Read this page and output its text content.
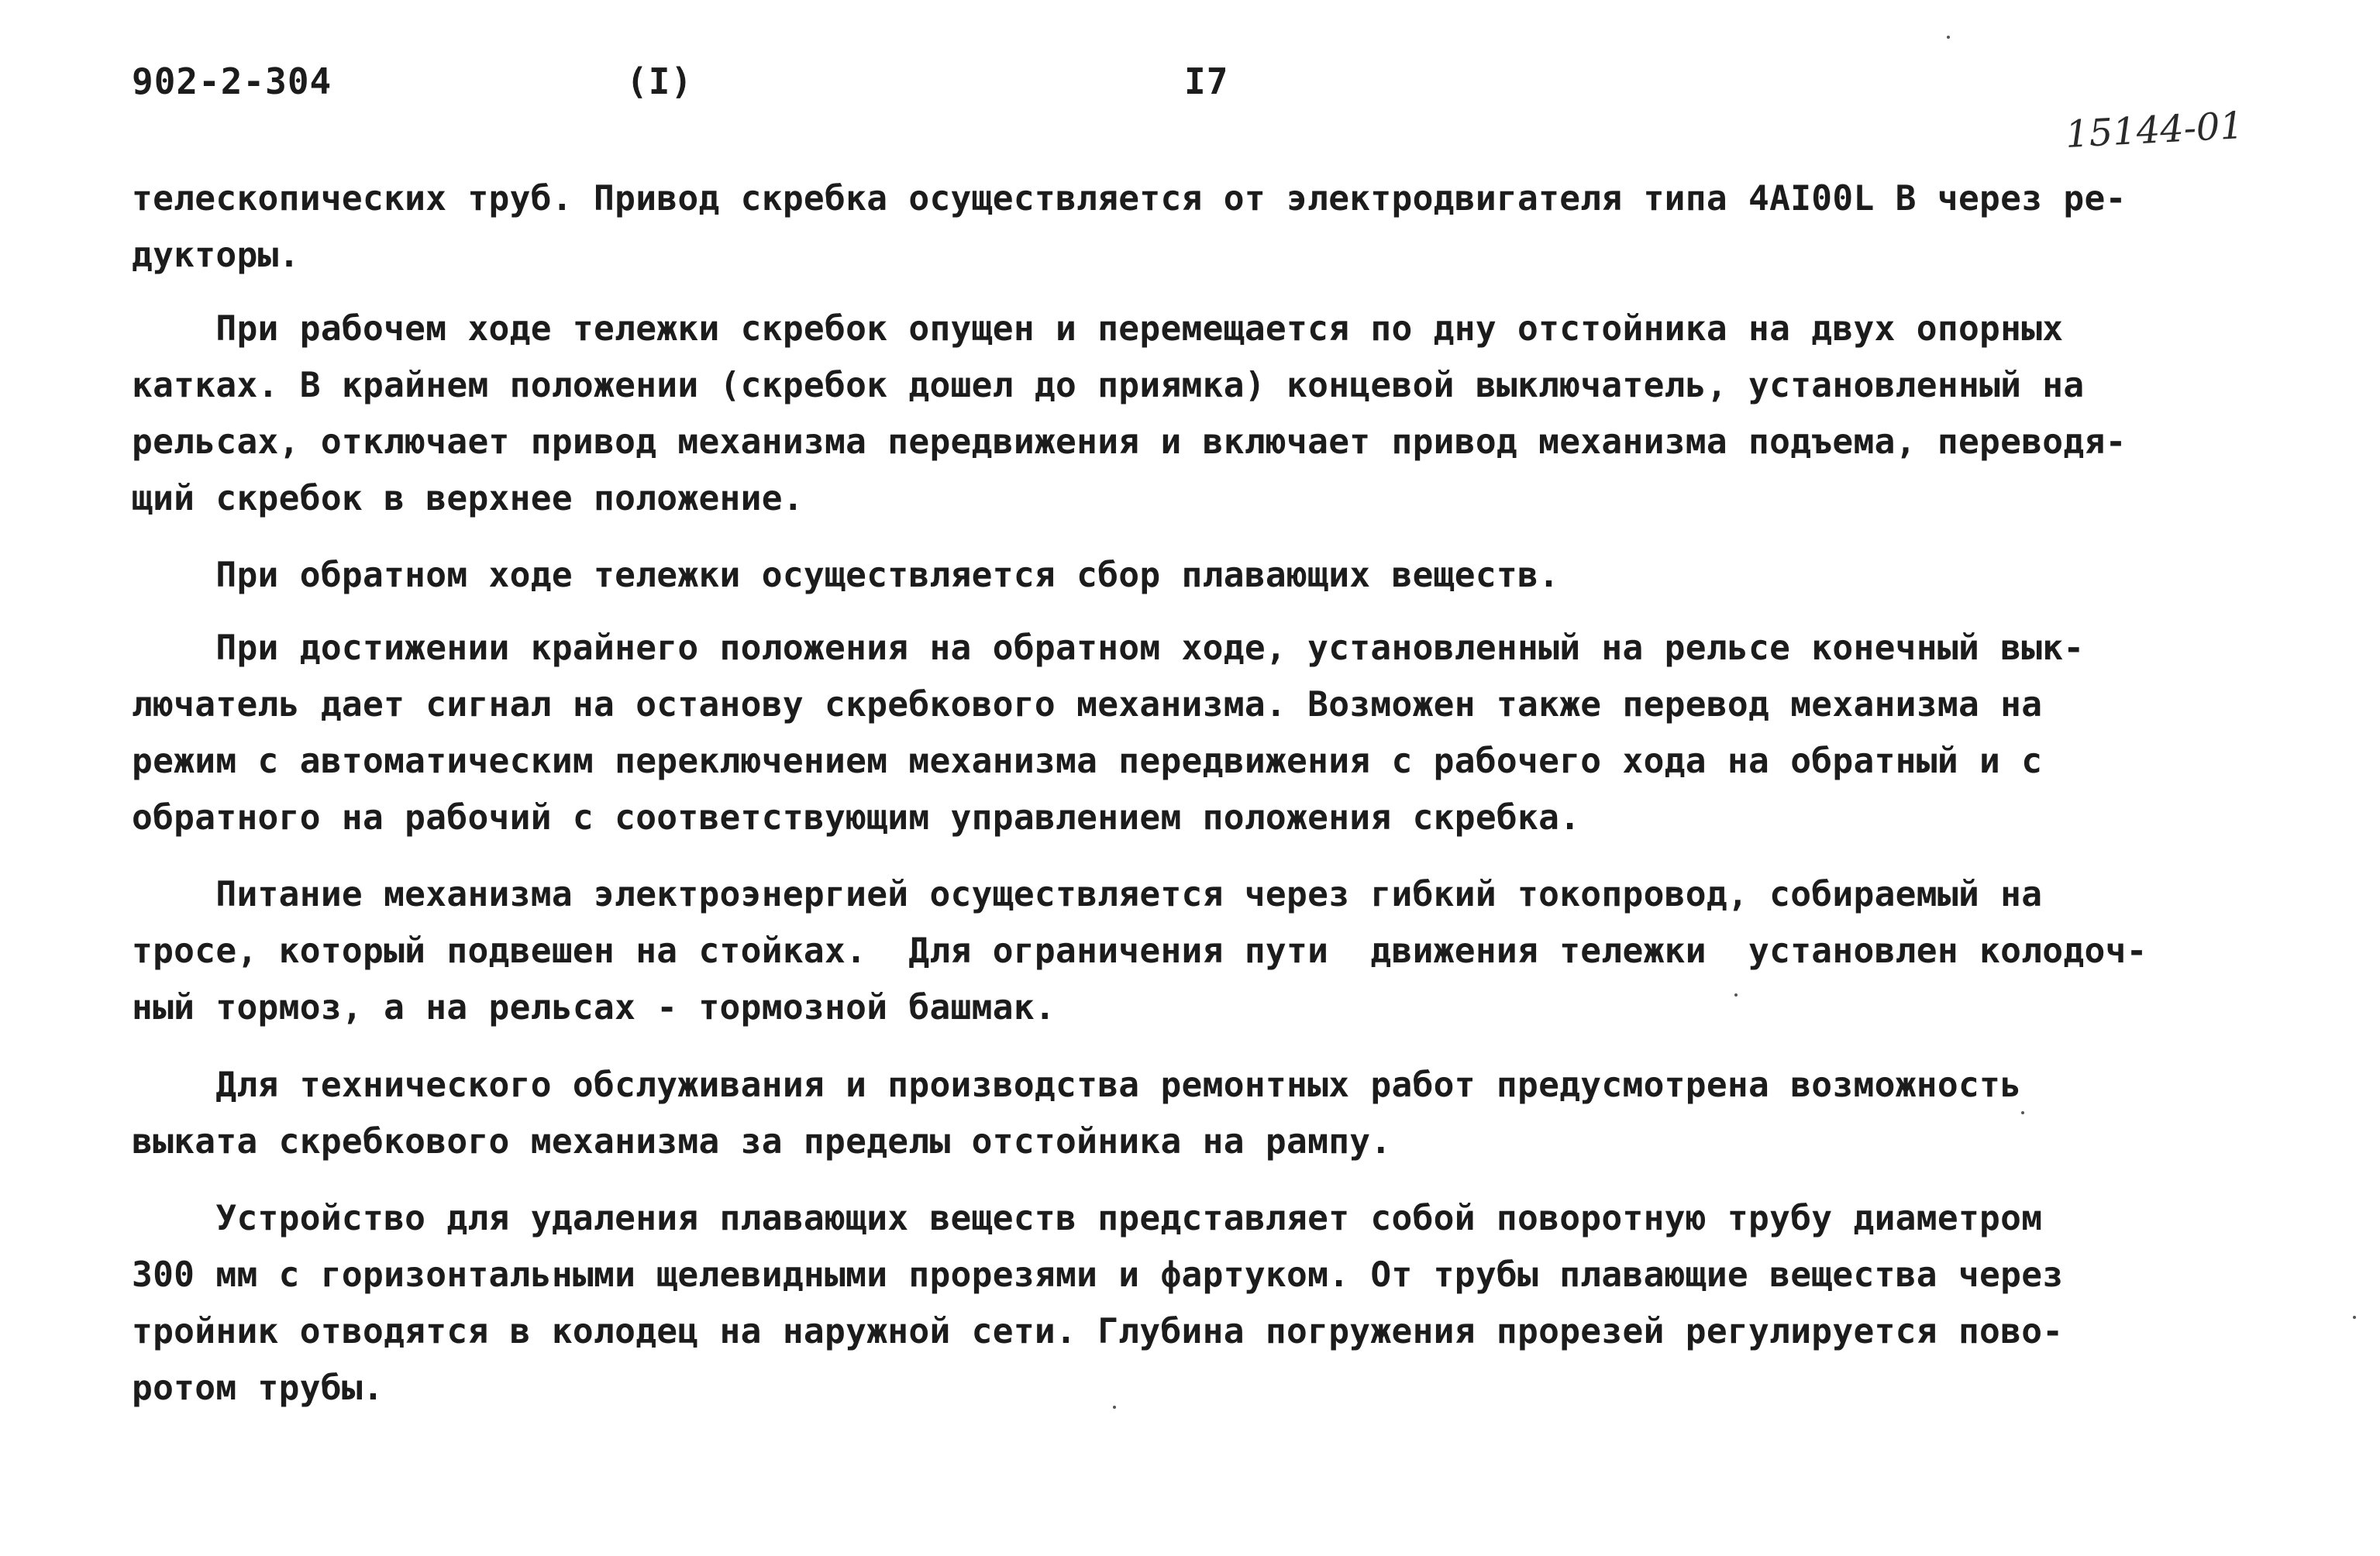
902-2-304	(I)	I7
15144-01
телескопических труб. Привод скребка осуществляется от электродвигателя типа 4AI00L В через ре-
дукторы.
При рабочем ходе тележки скребок опущен и перемещается по дну отстойника на двух опорных
катках. В крайнем положении (скребок дошел до приямка) концевой выключатель, установленный на
рельсах, отключает привод механизма передвижения и включает привод механизма подъема, переводя-
щий скребок в верхнее положение.
При обратном ходе тележки осуществляется сбор плавающих веществ.
При достижении крайнего положения на обратном ходе, установленный на рельсе конечный вык-
лючатель дает сигнал на останову скребкового механизма. Возможен также перевод механизма на
режим с автоматическим переключением механизма передвижения с рабочего хода на обратный и с
обратного на рабочий с соответствующим управлением положения скребка.
Питание механизма электроэнергией осуществляется через гибкий токопровод, собираемый на
тросе, который подвешен на стойках.  Для ограничения пути  движения тележки  установлен колодоч-
ный тормоз, а на рельсах - тормозной башмак.
Для технического обслуживания и производства ремонтных работ предусмотрена возможность
выката скребкового механизма за пределы отстойника на рампу.
Устройство для удаления плавающих веществ представляет собой поворотную трубу диаметром
300 мм с горизонтальными щелевидными прорезями и фартуком. От трубы плавающие вещества через
тройник отводятся в колодец на наружной сети. Глубина погружения прорезей регулируется пово-
ротом трубы.
